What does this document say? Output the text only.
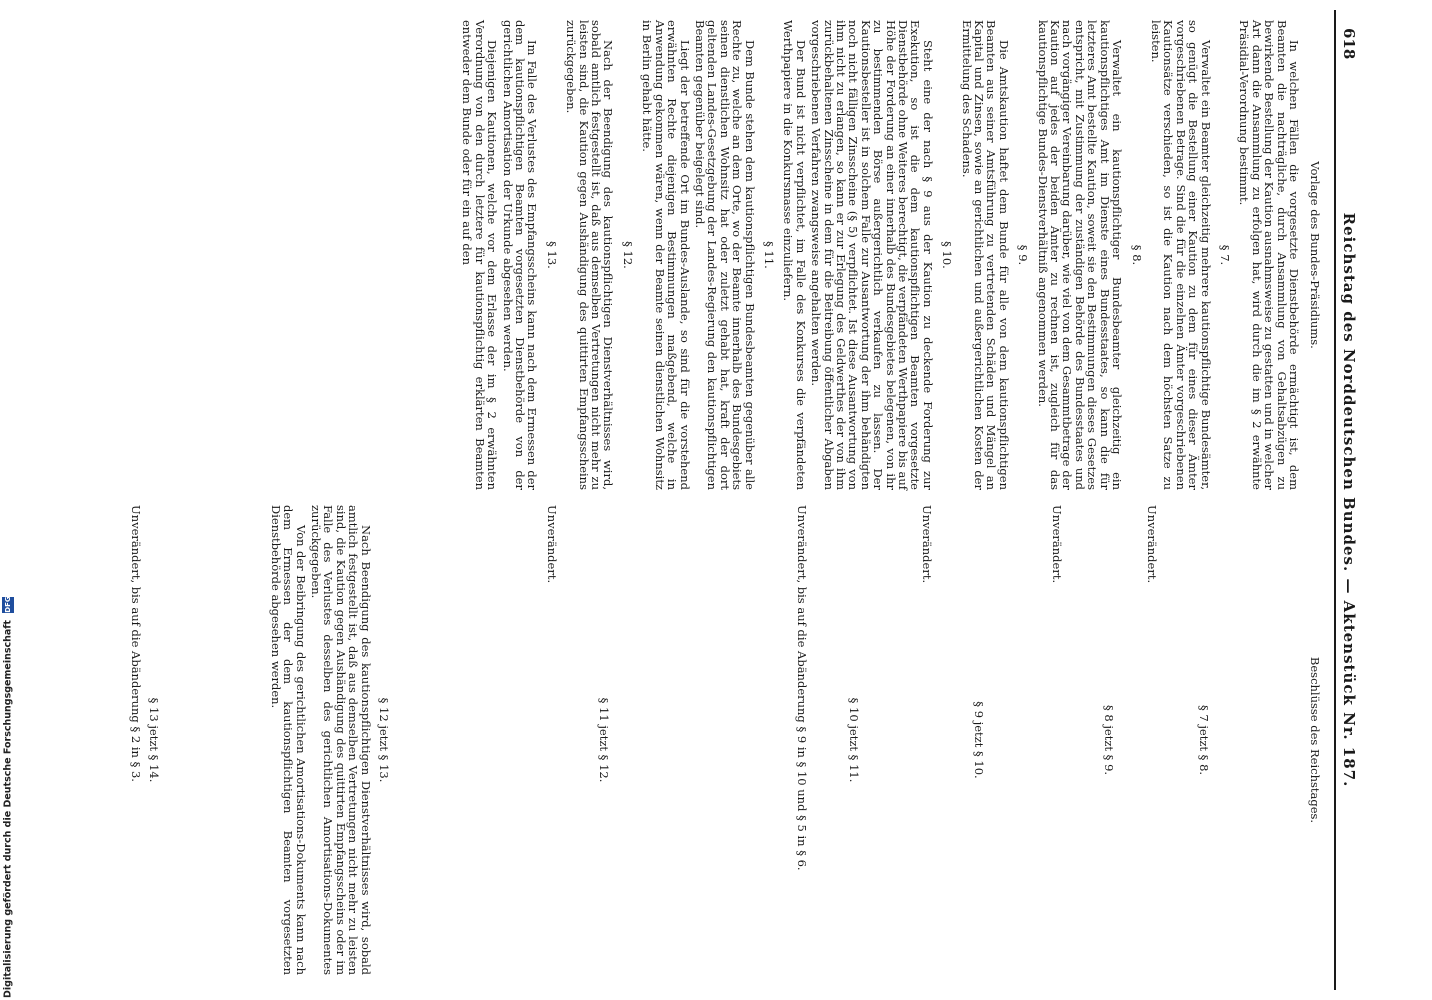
618
Reichstag des Norddeutschen Bundes. — Aktenstück Nr. 187.
Vorlage des Bundes-Präsidiums.
Beschlüsse des Reichstages.

In welchen Fällen die vorgesetzte Dienstbehörde ermächtigt ist, dem Beamten die nachträgliche, durch Ansammlung von Gehaltsabzügen zu bewirkende Bestellung der Kaution ausnahmsweise zu gestatten und in welcher Art dann die Ansammlung zu erfolgen hat, wird durch die im § 2 erwähnte Präsidial-Verordnung bestimmt.

§ 7.

Verwaltet ein Beamter gleichzeitig mehrere kautionspflichtige Bundesämter, so genügt die Bestellung einer Kaution zu dem für eines dieser Ämter vorgeschriebenen Betrage. Sind die für die einzelnen Ämter vorgeschriebenen Kautionsätze verschieden, so ist die Kaution nach dem höchsten Satze zu leisten.

§ 8.

Verwaltet ein kautionspflichtiger Bundesbeamter gleichzeitig ein kautionspflichtiges Amt im Dienste eines Bundesstaates, so kann die für letzteres Amt bestellte Kaution, soweit sie den Bestimmungen dieses Gesetzes entspricht, mit Zustimmung der zuständigen Behörde des Bundesstaates und nach vorgängiger Vereinbarung darüber, wie viel von dem Gesammtbetrage der Kaution auf jedes der beiden Ämter zu rechnen ist, zugleich für das kautionspflichtige Bundes-Dienstverhältniß angenommen werden.

§ 9.

Die Amtskaution haftet dem Bunde für alle von dem kautionspflichtigen Beamten aus seiner Amtsführung zu vertretenden Schäden und Mängel an Kapital und Zinsen, sowie an gerichtlichen und außergerichtlichen Kosten der Ermittelung des Schadens.

§ 10.

Steht eine der nach § 9 aus der Kaution zu deckende Forderung zur Exekution, so ist die dem kautionspflichtigen Beamten vorgesetzte Dienstbehörde ohne Weiteres berechtigt, die verpfändeten Werthpapiere bis auf Höhe der Forderung an einer innerhalb des Bundesgebietes belegenen, von ihr zu bestimmenden Börse außergerichtlich verkaufen zu lassen. Der Kautionsbesteller ist in solchem Falle zur Ausantwortung der ihm behändigten noch nicht fälligen Zinsscheine (§ 5) verpflichtet. Ist diese Ausantwortung von ihm nicht zu erlangen, so kann er zur Erlegung des Geldwerthes der von ihm zurückbehaltenen Zinsscheine in dem für die Beitreibung öffentlicher Abgaben vorgeschriebenen Verfahren zwangsweise angehalten werden.

Der Bund ist nicht verpflichtet, im Falle des Konkurses die verpfändeten Werthpapiere in die Konkursmasse einzuliefern.

§ 11.

Dem Bunde stehen dem kautionspflichtigen Bundesbeamten gegenüber alle Rechte zu, welche an dem Orte, wo der Beamte innerhalb des Bundesgebiets seinen dienstlichen Wohnsitz hat oder zuletzt gehabt hat, kraft der dort geltenden Landes-Gesetzgebung der Landes-Regierung den kautionspflichtigen Beamten gegenüber beigelegt sind.

Liegt der betreffende Ort im Bundes-Auslande, so sind für die vorstehend erwähnten Rechte diejenigen Bestimmungen maßgebend, welche in Anwendung gekommen wären, wenn der Beamte seinen dienstlichen Wohnsitz in Berlin gehabt hätte.

§ 12.

Nach der Beendigung des kautionspflichtigen Dienstverhältnisses wird, sobald amtlich festgestellt ist, daß aus demselben Vertretungen nicht mehr zu leisten sind, die Kaution gegen Aushändigung des quittirten Empfangsscheins zurückgegeben.

§ 13.

Im Falle des Verlustes des Empfangsscheins kann nach dem Ermessen der dem kautionspflichtigen Beamten vorgesetzten Dienstbehörde von der gerichtlichen Amortisation der Urkunde abgesehen werden.

Diejenigen Kautionen, welche vor dem Erlasse der im § 2 erwähnten Verordnung von den durch letztere für kautionspflichtig erklärten Beamten entweder dem Bunde oder für ein auf den

§ 7 jetzt § 8.

Unverändert.

§ 8 jetzt § 9.

Unverändert.

§ 9 jetzt § 10.

Unverändert.

§ 10 jetzt § 11.

Unverändert, bis auf die Abänderung § 9 in § 10 und § 5 in § 6.

§ 11 jetzt § 12.

Unverändert.

§ 12 jetzt § 13.

Nach Beendigung des kautionspflichtigen Dienstverhältnisses wird, sobald amtlich festgestellt ist, daß aus demselben Vertretungen nicht mehr zu leisten sind, die Kaution gegen Aushändigung des quittirten Empfangsscheins oder im Falle des Verlustes desselben des gerichtlichen Amortisations-Dokumentes zurückgegeben.

Von der Beibringung des gerichtlichen Amortisations-Dokuments kann nach dem Ermessen der dem kautionspflichtigen Beamten vorgesetzten Dienstbehörde abgesehen werden.

§ 13 jetzt § 14.

Unverändert, bis auf die Abänderung § 2 in § 3.

Digitalisierung gefördert durch die Deutsche Forschungsgemeinschaft DFG
